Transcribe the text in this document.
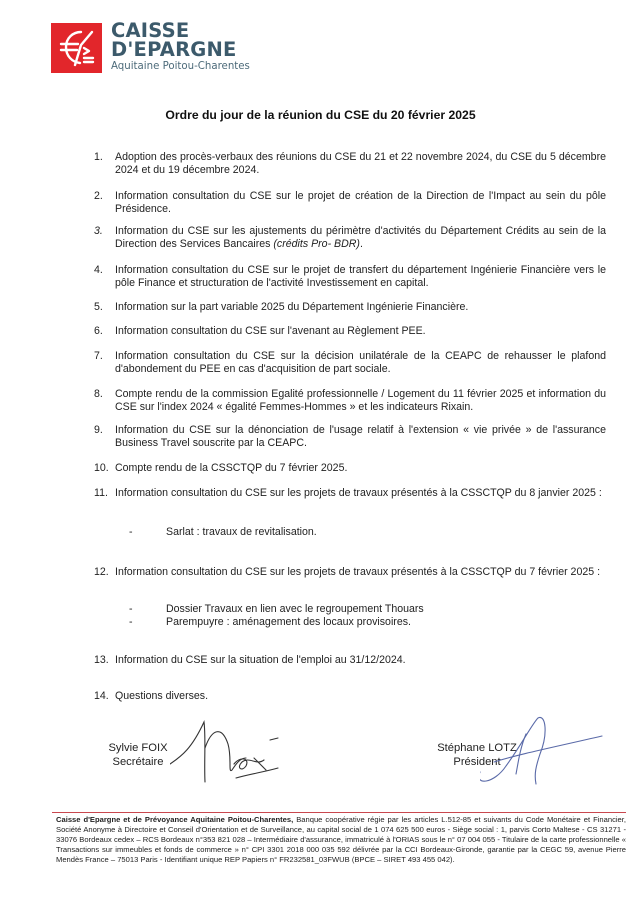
CAISSE
D'EPARGNE
Aquitaine Poitou-Charentes
Ordre du jour de la réunion du CSE du 20 février 2025
1.	Adoption des procès-verbaux des réunions du CSE du 21 et 22 novembre 2024, du CSE du 5 décembre 2024 et du 19 décembre 2024.
2.	Information consultation du CSE sur le projet de création de la Direction de l'Impact au sein du pôle Présidence.
3.	Information du CSE sur les ajustements du périmètre d'activités du Département Crédits au sein de la Direction des Services Bancaires (crédits Pro- BDR).
4.	Information consultation du CSE sur le projet de transfert du département Ingénierie Financière vers le pôle Finance et structuration de l'activité Investissement en capital.
5.	Information sur la part variable 2025 du Département Ingénierie Financière.
6.	Information consultation du CSE sur l'avenant au Règlement PEE.
7.	Information consultation du CSE sur la décision unilatérale de la CEAPC de rehausser le plafond d'abondement du PEE en cas d'acquisition de part sociale.
8.	Compte rendu de la commission Egalité professionnelle / Logement du 11 février 2025 et information du CSE sur l'index 2024 « égalité Femmes-Hommes » et les indicateurs Rixain.
9.	Information du CSE sur la dénonciation de l'usage relatif à l'extension « vie privée » de l'assurance Business Travel souscrite par la CEAPC.
10. Compte rendu de la CSSCTQP du 7 février 2025.
11. Information consultation du CSE sur les projets de travaux présentés à la CSSCTQP du 8 janvier 2025 :
-	Sarlat : travaux de revitalisation.
12. Information consultation du CSE sur les projets de travaux présentés à la CSSCTQP du 7 février 2025 :
-	Dossier Travaux en lien avec le regroupement Thouars
-	Parempuyre : aménagement des locaux provisoires.
13. Information du CSE sur la situation de l'emploi au 31/12/2024.
14. Questions diverses.
Sylvie FOIX
Secrétaire
Stéphane LOTZ
Président
Caisse d'Epargne et de Prévoyance Aquitaine Poitou-Charentes, Banque coopérative régie par les articles L.512-85 et suivants du Code Monétaire et Financier, Société Anonyme à Directoire et Conseil d'Orientation et de Surveillance, au capital social de 1 074 625 500 euros - Siège social : 1, parvis Corto Maltese - CS 31271 - 33076 Bordeaux cedex – RCS Bordeaux n°353 821 028 – Intermédiaire d'assurance, immatriculé à l'ORIAS sous le n° 07 004 055 - Titulaire de la carte professionnelle « Transactions sur immeubles et fonds de commerce » n° CPI 3301 2018 000 035 592 délivrée par la CCI Bordeaux-Gironde, garantie par la CEGC 59, avenue Pierre Mendès France – 75013 Paris - Identifiant unique REP Papiers n° FR232581_03FWUB (BPCE – SIRET 493 455 042).
